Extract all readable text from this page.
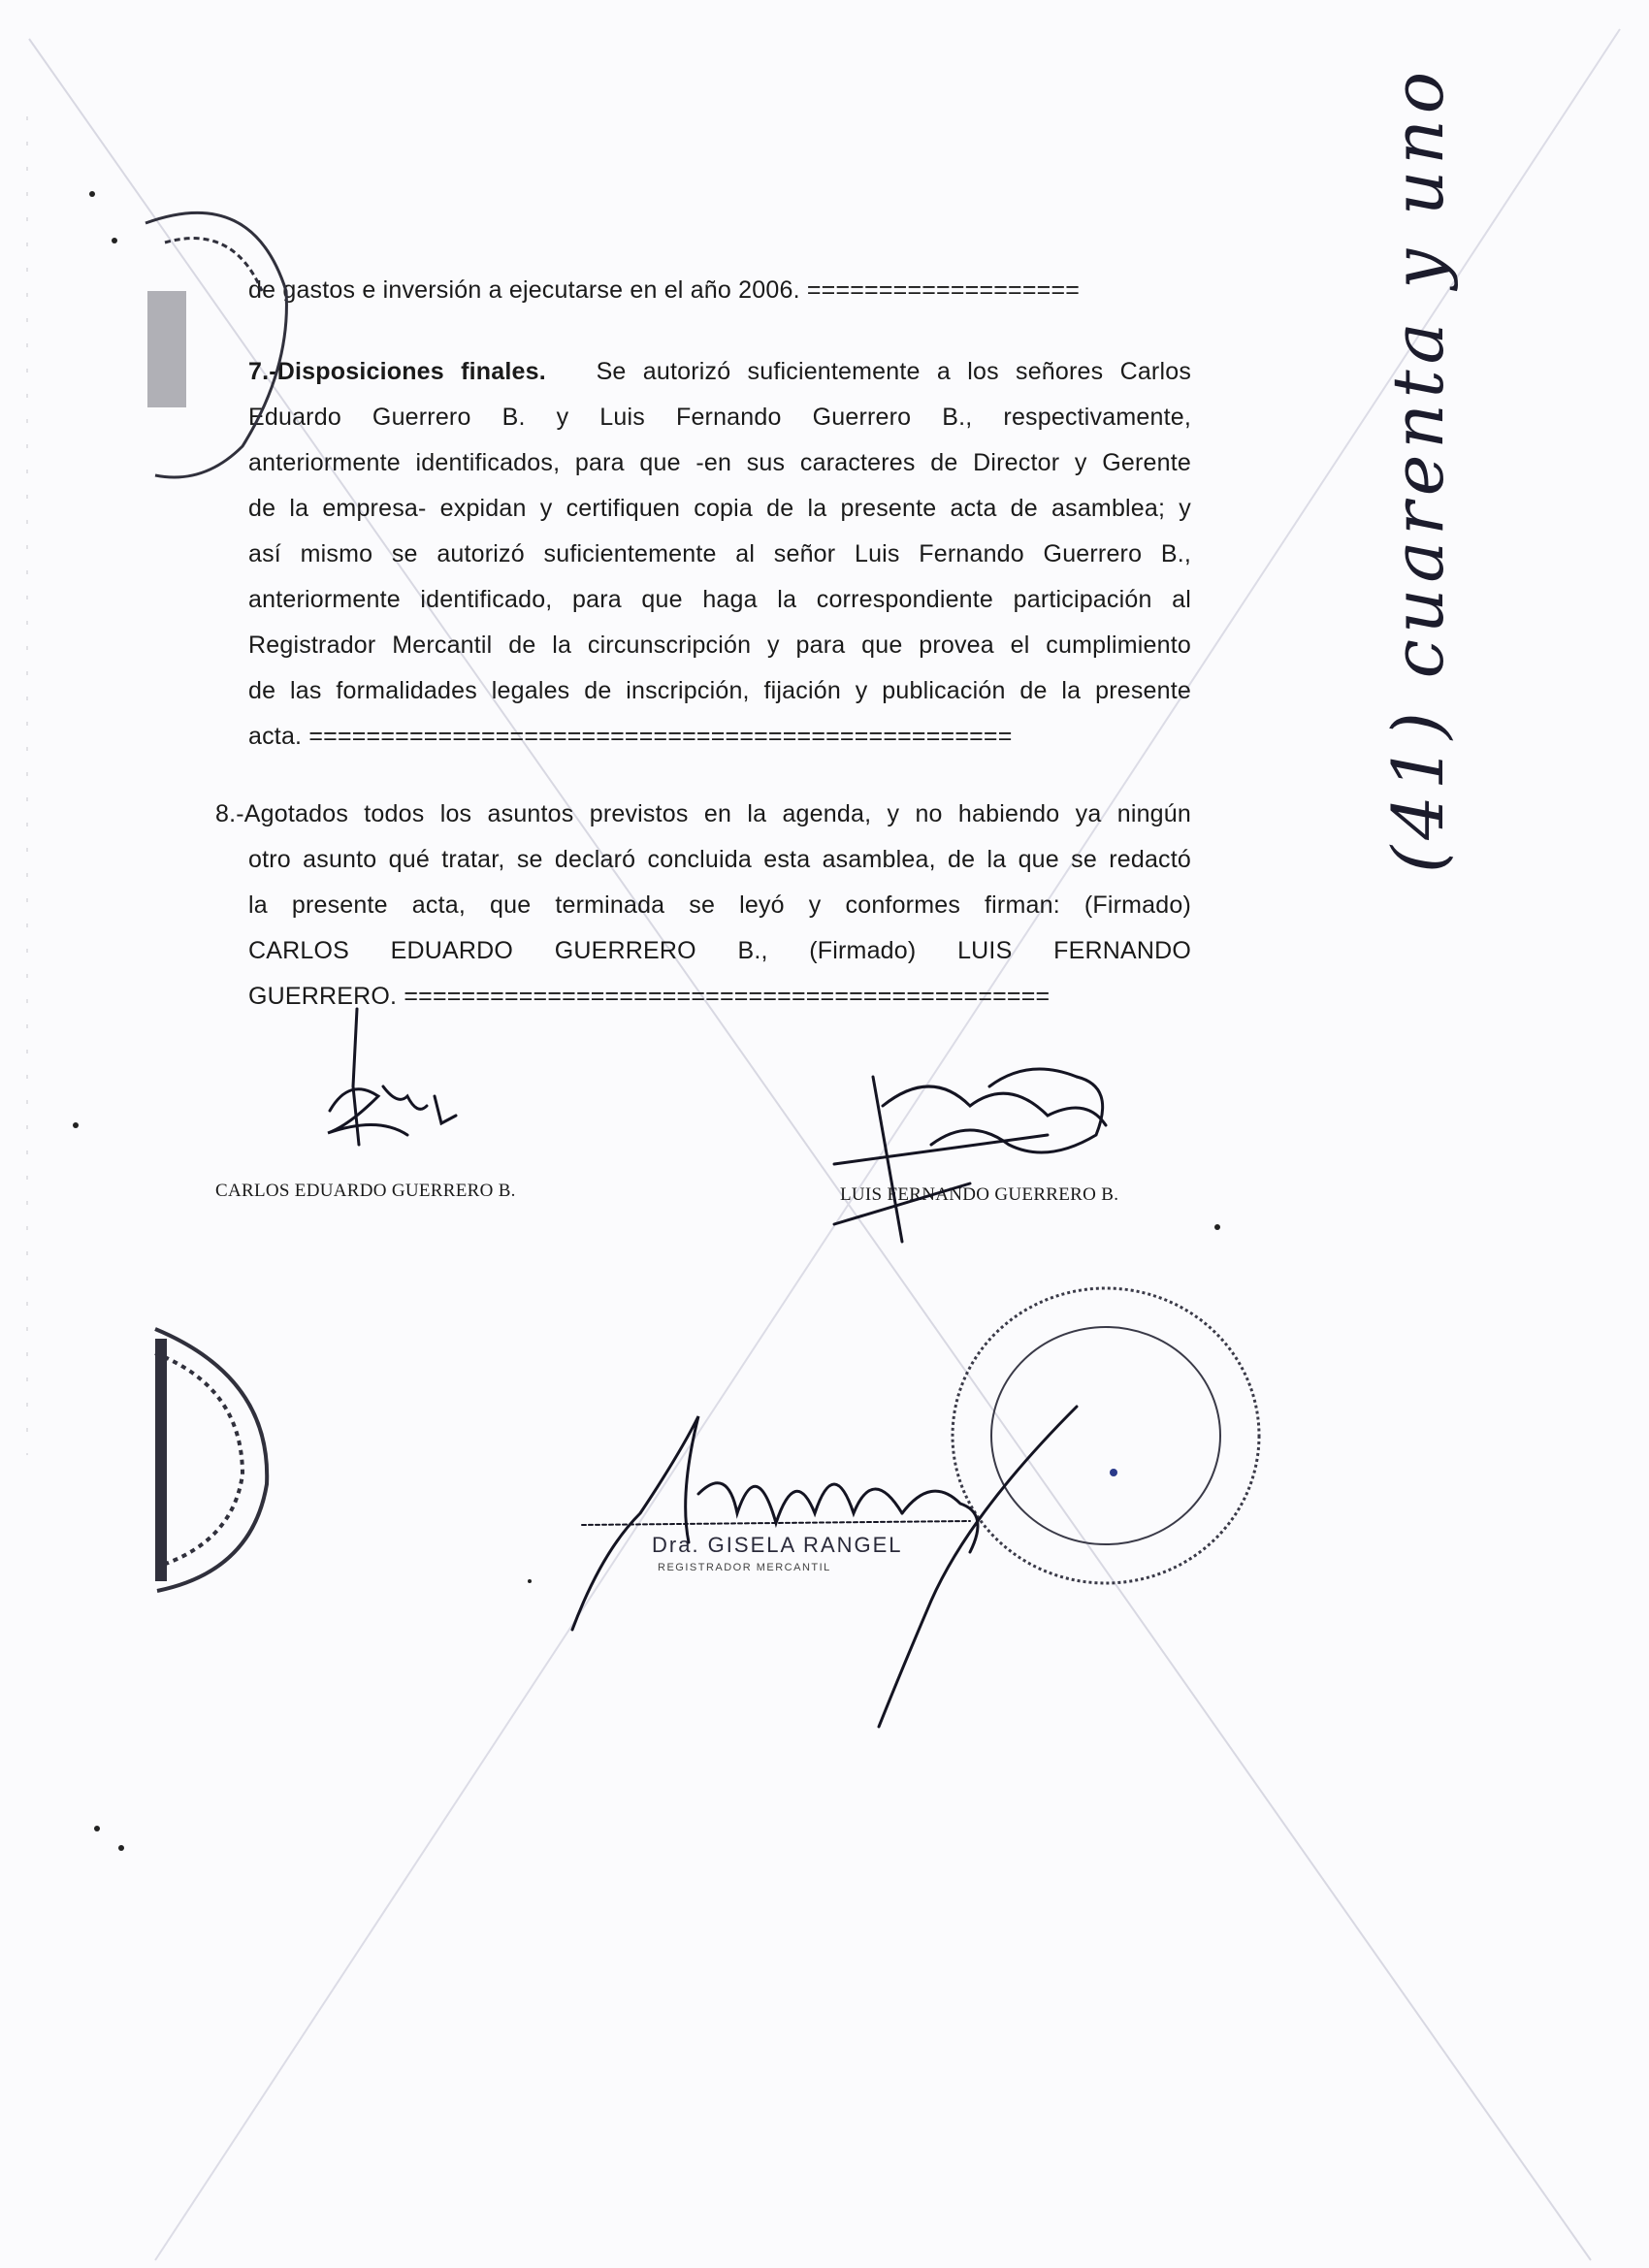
de gastos e inversión a ejecutarse en el año 2006. ===================
7.-Disposiciones finales. Se autorizó suficientemente a los señores Carlos
Eduardo Guerrero B. y Luis Fernando Guerrero B., respectivamente,
anteriormente identificados, para que -en sus caracteres de Director y Gerente
de la empresa- expidan y certifiquen copia de la presente acta de asamblea; y
así mismo se autorizó suficientemente al señor Luis Fernando Guerrero B.,
anteriormente identificado, para que haga la correspondiente participación al
Registrador Mercantil de la circunscripción y para que provea el cumplimiento
de las formalidades legales de inscripción, fijación y publicación de la presente
acta. =================================================
8.-Agotados todos los asuntos previstos en la agenda, y no habiendo ya ningún
otro asunto qué tratar, se declaró concluida esta asamblea, de la que se redactó
la presente acta, que terminada se leyó y conformes firman: (Firmado)
CARLOS EDUARDO GUERRERO B., (Firmado) LUIS FERNANDO
GUERRERO. =============================================
CARLOS EDUARDO GUERRERO B.	LUIS FERNANDO GUERRERO B.
Dra. GISELA RANGEL
REGISTRADOR MERCANTIL
(41) cuarenta y uno
